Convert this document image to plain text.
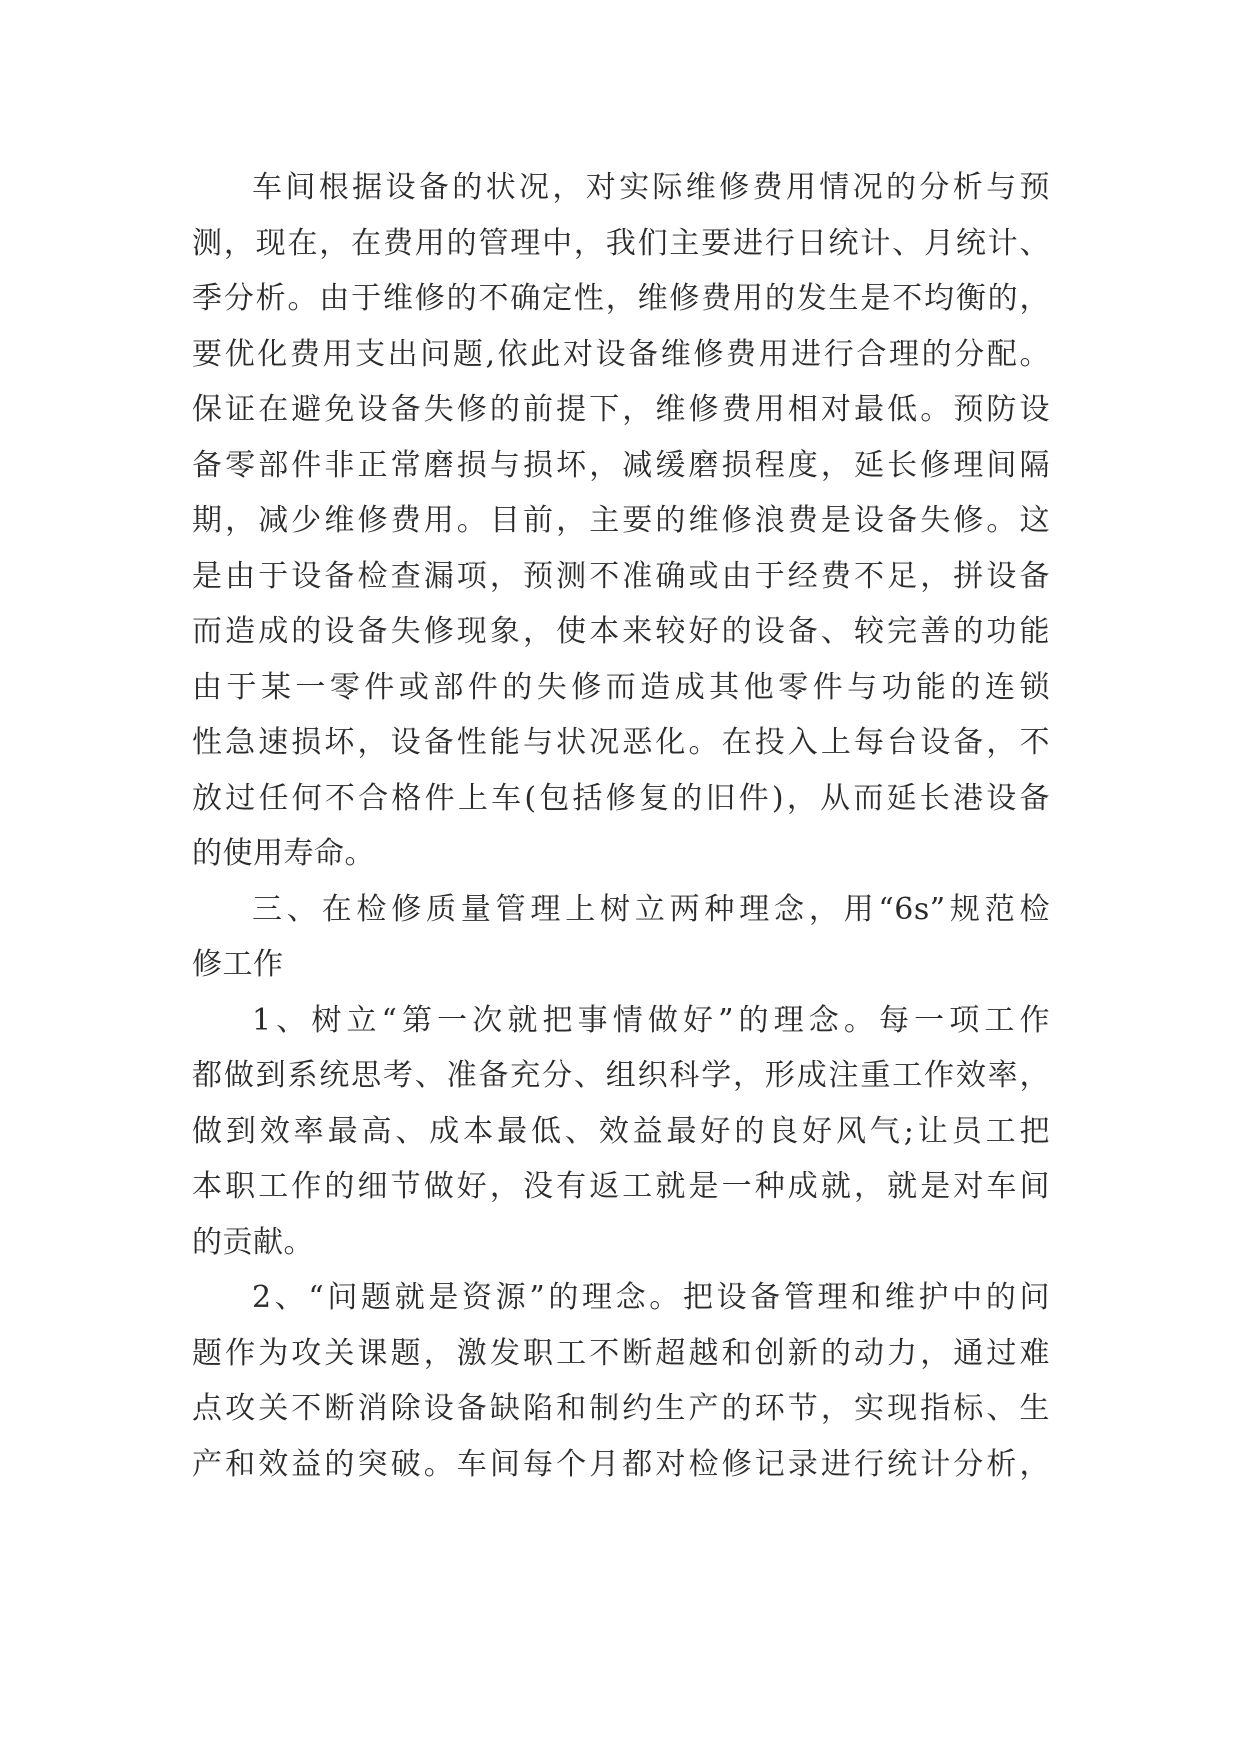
车间根据设备的状况，对实际维修费用情况的分析与预
测，现在，在费用的管理中，我们主要进行日统计、月统计、
季分析。由于维修的不确定性，维修费用的发生是不均衡的，
要优化费用支出问题,依此对设备维修费用进行合理的分配。
保证在避免设备失修的前提下，维修费用相对最低。预防设
备零部件非正常磨损与损坏，减缓磨损程度，延长修理间隔
期，减少维修费用。目前，主要的维修浪费是设备失修。这
是由于设备检查漏项，预测不准确或由于经费不足，拼设备
而造成的设备失修现象，使本来较好的设备、较完善的功能
由于某一零件或部件的失修而造成其他零件与功能的连锁
性急速损坏，设备性能与状况恶化。在投入上每台设备，不
放过任何不合格件上车(包括修复的旧件)，从而延长港设备
的使用寿命。
三、在检修质量管理上树立两种理念，用“6s”规范检
修工作
1、树立“第一次就把事情做好”的理念。每一项工作
都做到系统思考、准备充分、组织科学，形成注重工作效率，
做到效率最高、成本最低、效益最好的良好风气;让员工把
本职工作的细节做好，没有返工就是一种成就，就是对车间
的贡献。
2、“问题就是资源”的理念。把设备管理和维护中的问
题作为攻关课题，激发职工不断超越和创新的动力，通过难
点攻关不断消除设备缺陷和制约生产的环节，实现指标、生
产和效益的突破。车间每个月都对检修记录进行统计分析，
